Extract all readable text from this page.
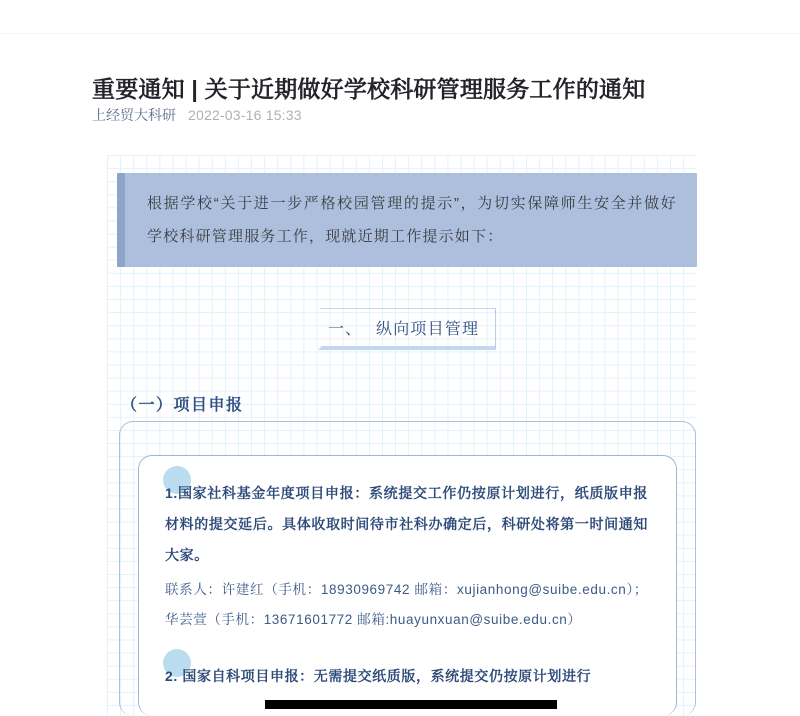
重要通知 | 关于近期做好学校科研管理服务工作的通知
上经贸大科研 2022-03-16 15:33
根据学校“关于进一步严格校园管理的提示”，为切实保障师生安全并做好学校科研管理服务工作，现就近期工作提示如下：
一、 纵向项目管理
（一）项目申报
1.国家社科基金年度项目申报：系统提交工作仍按原计划进行，纸质版申报材料的提交延后。具体收取时间待市社科办确定后，科研处将第一时间通知大家。
联系人：许建红（手机：18930969742 邮箱：xujianhong@suibe.edu.cn）；华芸萱（手机：13671601772 邮箱:huayunxuan@suibe.edu.cn）
2. 国家自科项目申报：无需提交纸质版，系统提交仍按原计划进行
